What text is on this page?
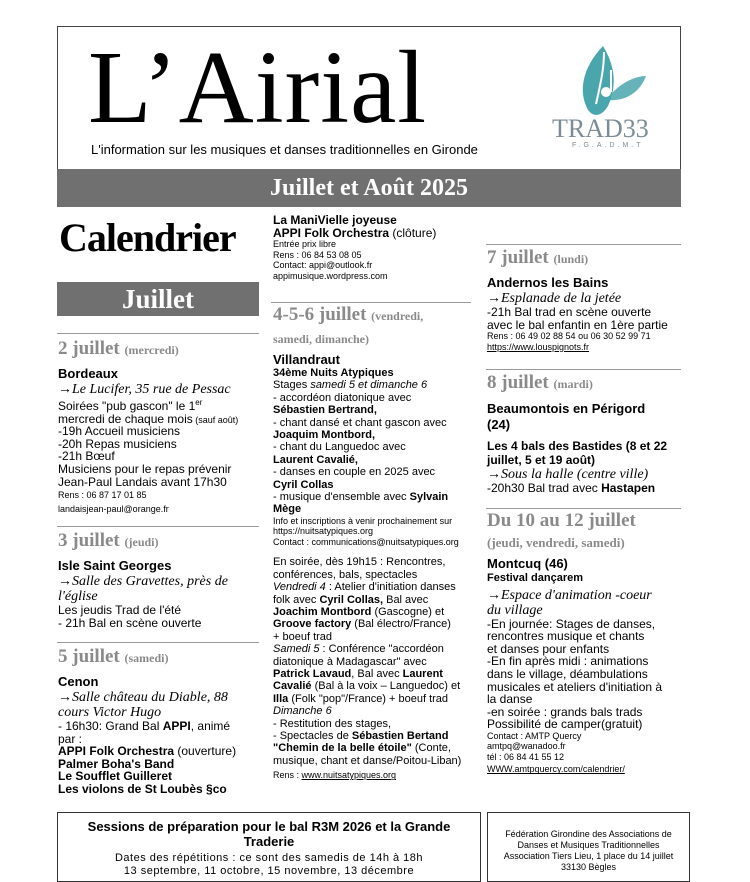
L’Airial
L'information sur les musiques et danses traditionnelles en Gironde
TRAD33
F.G.A.D.M.T
Juillet et Août 2025
Calendrier
Juillet

2 juillet (mercredi)

Bordeaux

→Le Lucifer, 35 rue de Pessac

Soirées "pub gascon" le 1er

mercredi de chaque mois (sauf août)

-19h Accueil musiciens

-20h Repas musiciens

-21h Bœuf

Musiciens pour le repas prévenir

Jean-Paul Landais avant 17h30

Rens : 06 87 17 01 85

landaisjean-paul@orange.fr

3 juillet (jeudi)

Isle Saint Georges

→Salle des Gravettes, près de

l'église

Les jeudis Trad de l'été

- 21h Bal en scène ouverte

5 juillet (samedi)

Cenon

→Salle château du Diable, 88

cours Victor Hugo

- 16h30: Grand Bal APPI, animé

par :

APPI Folk Orchestra (ouverture)

Palmer Boha's Band

Le Soufflet Guilleret

Les violons de St Loubès §co

La ManiVielle joyeuse

APPI Folk Orchestra (clôture)

Entrée prix libre

Rens : 06 84 53 08 05

Contact: appi@outlook.fr

appimusique.wordpress.com

4-5-6 juillet (vendredi,

samedi, dimanche)

Villandraut

34ème Nuits Atypiques

Stages samedi 5 et dimanche 6

- accordéon diatonique avec

Sébastien Bertrand,

- chant dansé et chant gascon avec

Joaquim Montbord,

- chant du Languedoc avec

Laurent Cavalié,

- danses en couple en 2025 avec

Cyril Collas

- musique d'ensemble avec Sylvain

Mège

Info et inscriptions à venir prochainement sur

https://nuitsatypiques.org

Contact : communications@nuitsatypiques.org

En soirée, dès 19h15 : Rencontres,

conférences, bals, spectacles

Vendredi 4 : Atelier d'initiation danses

folk avec Cyril Collas, Bal avec

Joachim Montbord (Gascogne) et

Groove factory (Bal électro/France)

+ boeuf trad

Samedi 5 : Conférence "accordéon

diatonique à Madagascar" avec

Patrick Lavaud, Bal avec Laurent

Cavalié (Bal à la voix – Languedoc) et

Illa (Folk "pop"/France) + boeuf trad

Dimanche 6

- Restitution des stages,

- Spectacles de Sébastien Bertand

"Chemin de la belle étoile" (Conte,

musique, chant et danse/Poitou-Liban)

Rens : www.nuitsatypiques.org

7 juillet (lundi)

Andernos les Bains

→Esplanade de la jetée

-21h Bal trad en scène ouverte

avec le bal enfantin en 1ère partie

Rens : 06 49 02 88 54 ou 06 30 52 99 71

https://www.louspignots.fr

8 juillet (mardi)

Beaumontois en Périgord

(24)

Les 4 bals des Bastides (8 et 22

juillet, 5 et 19 août)

→Sous la halle (centre ville)

-20h30 Bal trad avec Hastapen

Du 10 au 12 juillet

(jeudi, vendredi, samedi)

Montcuq (46)

Festival dançarem

→Espace d'animation -coeur

du village

-En journée: Stages de danses,

rencontres musique et chants

et danses pour enfants

-En fin après midi : animations

dans le village, déambulations

musicales et ateliers d'initiation à

la danse

-en soirée : grands bals trads

Possibilité de camper(gratuit)

Contact : AMTP Quercy

amtpq@wanadoo.fr

tél : 06 84 41 55 12

WWW.amtpquercy.com/calendrier/

Sessions de préparation pour le bal R3M 2026 et la Grande

Traderie

Dates des répétitions : ce sont des samedis de 14h à 18h

13 septembre, 11 octobre, 15 novembre, 13 décembre

Fédération Girondine des Associations de

Danses et Musiques Traditionnelles

Association Tiers Lieu, 1 place du 14 juillet

33130 Bègles
